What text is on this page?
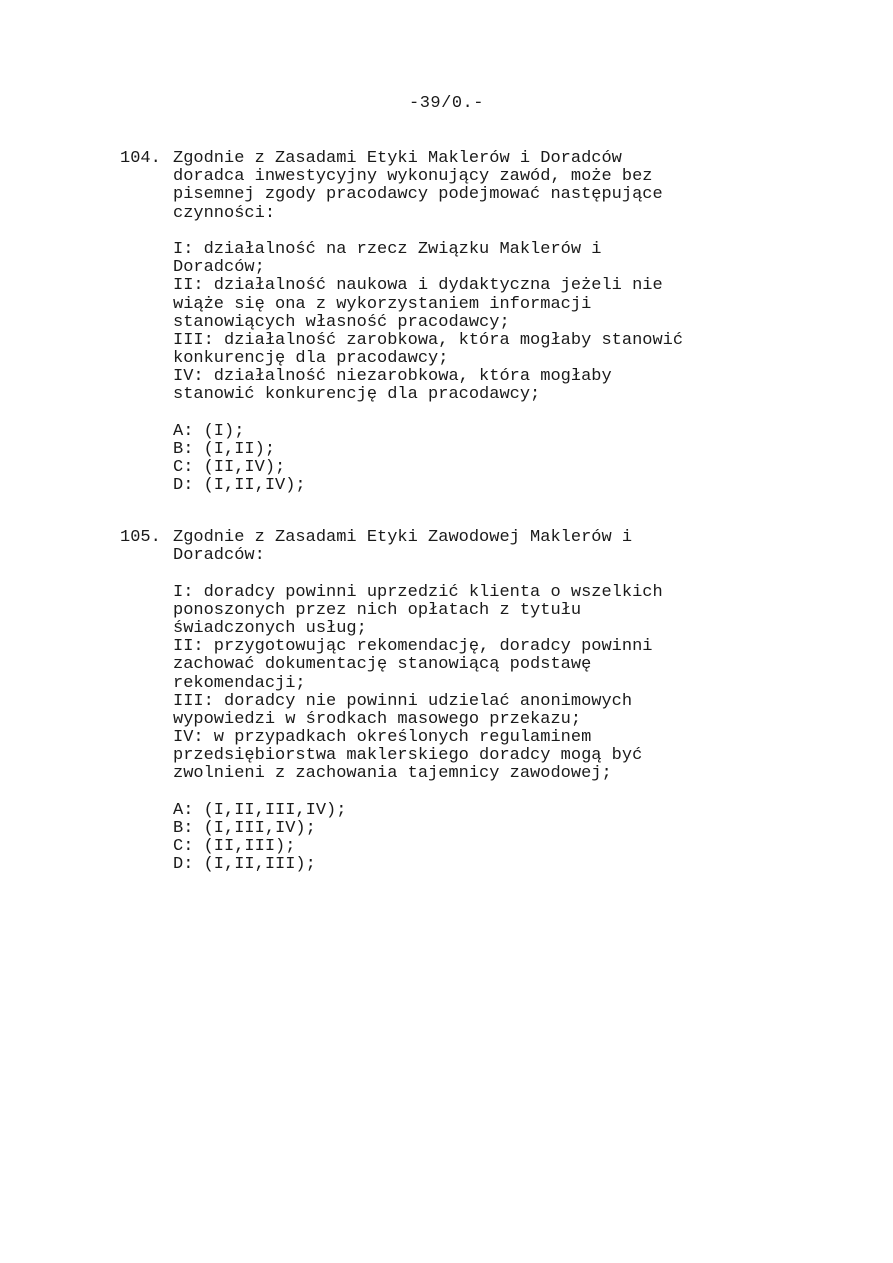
-39/0.-
104. Zgodnie z Zasadami Etyki Maklerów i Doradców
doradca inwestycyjny wykonujący zawód, może bez
pisemnej zgody pracodawcy podejmować następujące
czynności:
I: działalność na rzecz Związku Maklerów i
Doradców;
II: działalność naukowa i dydaktyczna jeżeli nie
wiąże się ona z wykorzystaniem informacji
stanowiących własność pracodawcy;
III: działalność zarobkowa, która mogłaby stanowić
konkurencję dla pracodawcy;
IV: działalność niezarobkowa, która mogłaby
stanowić konkurencję dla pracodawcy;
A: (I);
B: (I,II);
C: (II,IV);
D: (I,II,IV);
105. Zgodnie z Zasadami Etyki Zawodowej Maklerów i
Doradców:
I: doradcy powinni uprzedzić klienta o wszelkich
ponoszonych przez nich opłatach z tytułu
świadczonych usług;
II: przygotowując rekomendację, doradcy powinni
zachować dokumentację stanowiącą podstawę
rekomendacji;
III: doradcy nie powinni udzielać anonimowych
wypowiedzi w środkach masowego przekazu;
IV: w przypadkach określonych regulaminem
przedsiębiorstwa maklerskiego doradcy mogą być
zwolnieni z zachowania tajemnicy zawodowej;
A: (I,II,III,IV);
B: (I,III,IV);
C: (II,III);
D: (I,II,III);
